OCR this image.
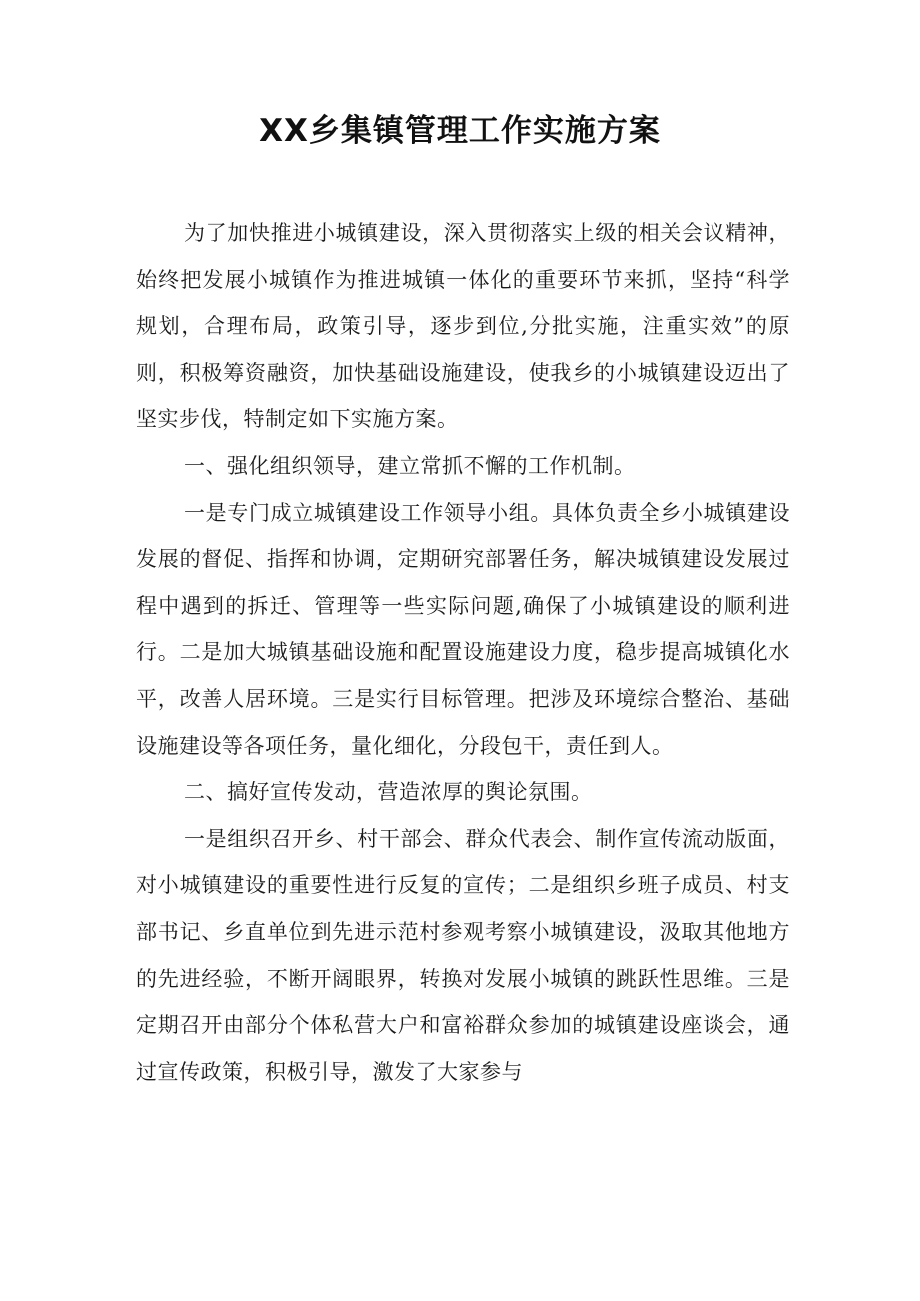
XX乡集镇管理工作实施方案

为了加快推进小城镇建设，深入贯彻落实上级的相关会议精神，始终把发展小城镇作为推进城镇一体化的重要环节来抓，坚持“科学规划，合理布局，政策引导，逐步到位,分批实施，注重实效”的原则，积极筹资融资，加快基础设施建设，使我乡的小城镇建设迈出了坚实步伐，特制定如下实施方案。

一、强化组织领导，建立常抓不懈的工作机制。

一是专门成立城镇建设工作领导小组。具体负责全乡小城镇建设发展的督促、指挥和协调，定期研究部署任务，解决城镇建设发展过程中遇到的拆迁、管理等一些实际问题,确保了小城镇建设的顺利进行。二是加大城镇基础设施和配置设施建设力度，稳步提高城镇化水平，改善人居环境。三是实行目标管理。把涉及环境综合整治、基础设施建设等各项任务，量化细化，分段包干，责任到人。

二、搞好宣传发动，营造浓厚的舆论氛围。

一是组织召开乡、村干部会、群众代表会、制作宣传流动版面，对小城镇建设的重要性进行反复的宣传；二是组织乡班子成员、村支部书记、乡直单位到先进示范村参观考察小城镇建设，汲取其他地方的先进经验，不断开阔眼界，转换对发展小城镇的跳跃性思维。三是定期召开由部分个体私营大户和富裕群众参加的城镇建设座谈会，通过宣传政策，积极引导，激发了大家参与
